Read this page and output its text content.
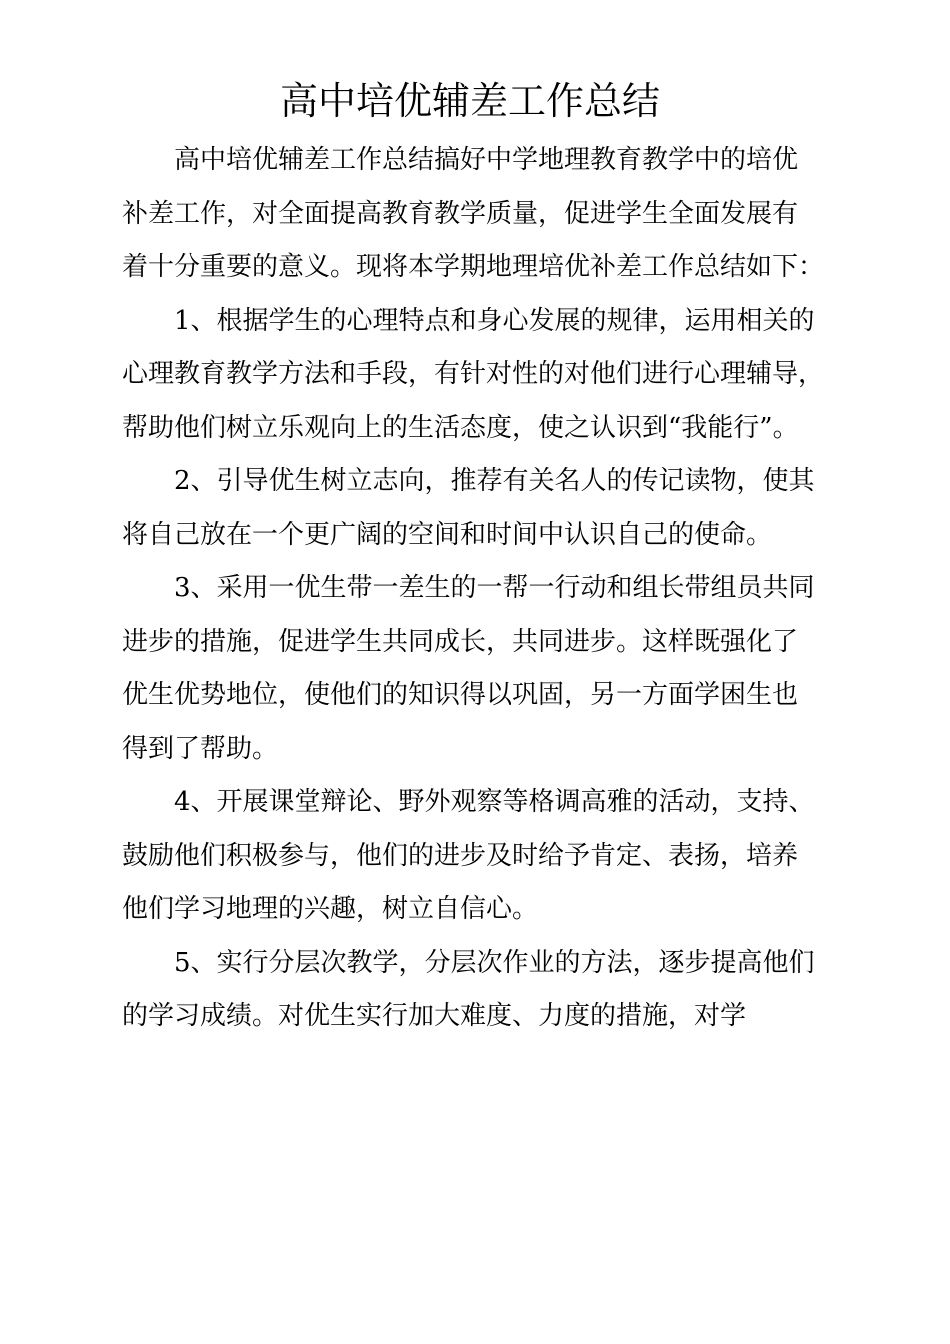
高中培优辅差工作总结

高中培优辅差工作总结搞好中学地理教育教学中的培优
补差工作，对全面提高教育教学质量，促进学生全面发展有
着十分重要的意义。现将本学期地理培优补差工作总结如下：

1、根据学生的心理特点和身心发展的规律，运用相关的
心理教育教学方法和手段，有针对性的对他们进行心理辅导，
帮助他们树立乐观向上的生活态度，使之认识到“我能行”。

2、引导优生树立志向，推荐有关名人的传记读物，使其
将自己放在一个更广阔的空间和时间中认识自己的使命。

3、采用一优生带一差生的一帮一行动和组长带组员共同
进步的措施，促进学生共同成长，共同进步。这样既强化了
优生优势地位，使他们的知识得以巩固，另一方面学困生也
得到了帮助。

4、开展课堂辩论、野外观察等格调高雅的活动，支持、
鼓励他们积极参与，他们的进步及时给予肯定、表扬，培养
他们学习地理的兴趣，树立自信心。

5、实行分层次教学，分层次作业的方法，逐步提高他们
的学习成绩。对优生实行加大难度、力度的措施，对学
